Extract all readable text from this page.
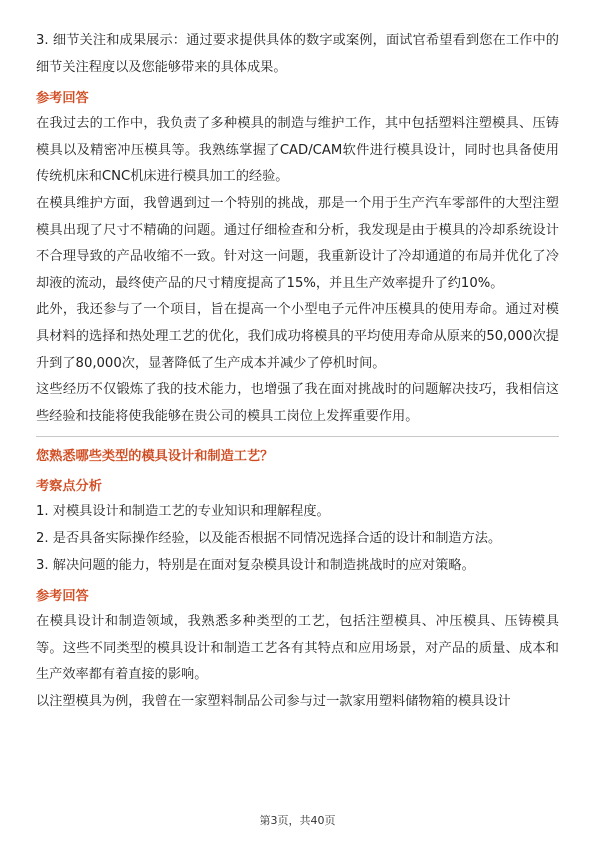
3. 细节关注和成果展示：通过要求提供具体的数字或案例，面试官希望看到您在工作中的细节关注程度以及您能够带来的具体成果。

参考回答

在我过去的工作中，我负责了多种模具的制造与维护工作，其中包括塑料注塑模具、压铸模具以及精密冲压模具等。我熟练掌握了CAD/CAM软件进行模具设计，同时也具备使用传统机床和CNC机床进行模具加工的经验。

在模具维护方面，我曾遇到过一个特别的挑战，那是一个用于生产汽车零部件的大型注塑模具出现了尺寸不精确的问题。通过仔细检查和分析，我发现是由于模具的冷却系统设计不合理导致的产品收缩不一致。针对这一问题，我重新设计了冷却通道的布局并优化了冷却液的流动，最终使产品的尺寸精度提高了15%，并且生产效率提升了约10%。

此外，我还参与了一个项目，旨在提高一个小型电子元件冲压模具的使用寿命。通过对模具材料的选择和热处理工艺的优化，我们成功将模具的平均使用寿命从原来的50,000次提升到了80,000次，显著降低了生产成本并减少了停机时间。

这些经历不仅锻炼了我的技术能力，也增强了我在面对挑战时的问题解决技巧，我相信这些经验和技能将使我能够在贵公司的模具工岗位上发挥重要作用。

您熟悉哪些类型的模具设计和制造工艺？

考察点分析

1. 对模具设计和制造工艺的专业知识和理解程度。

2. 是否具备实际操作经验，以及能否根据不同情况选择合适的设计和制造方法。

3. 解决问题的能力，特别是在面对复杂模具设计和制造挑战时的应对策略。

参考回答

在模具设计和制造领域，我熟悉多种类型的工艺，包括注塑模具、冲压模具、压铸模具等。这些不同类型的模具设计和制造工艺各有其特点和应用场景，对产品的质量、成本和生产效率都有着直接的影响。

以注塑模具为例，我曾在一家塑料制品公司参与过一款家用塑料储物箱的模具设计

第3页，共40页
